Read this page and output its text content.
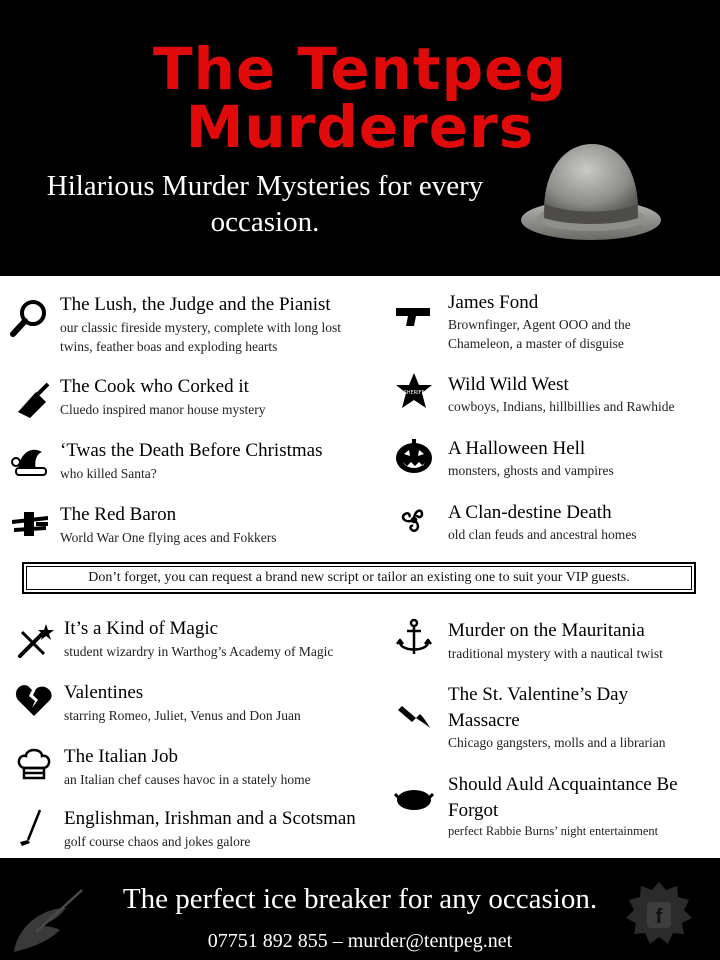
The Tentpeg Murderers
Hilarious Murder Mysteries for every occasion.
The Lush, the Judge and the Pianist
our classic fireside mystery, complete with long lost twins, feather boas and exploding hearts
The Cook who Corked it
Cluedo inspired manor house mystery
‘Twas the Death Before Christmas
who killed Santa?
The Red Baron
World War One flying aces and Fokkers
James Fond
Brownfinger, Agent OOO and the Chameleon, a master of disguise
SHERIFF Wild Wild West
cowboys, Indians, hillbillies and Rawhide
A Halloween Hell
monsters, ghosts and vampires
A Clan-destine Death
old clan feuds and ancestral homes
Don’t forget, you can request a brand new script or tailor an existing one to suit your VIP guests.
It’s a Kind of Magic
student wizardry in Warthog’s Academy of Magic
Valentines
starring Romeo, Juliet, Venus and Don Juan
The Italian Job
an Italian chef causes havoc in a stately home
Englishman, Irishman and a Scotsman
golf course chaos and jokes galore
Murder on the Mauritania
traditional mystery with a nautical twist
The St. Valentine’s Day Massacre
Chicago gangsters, molls and a librarian
Should Auld Acquaintance Be Forgot
perfect Rabbie Burns’ night entertainment
The perfect ice breaker for any occasion.
07751 892 855 – murder@tentpeg.net
f
